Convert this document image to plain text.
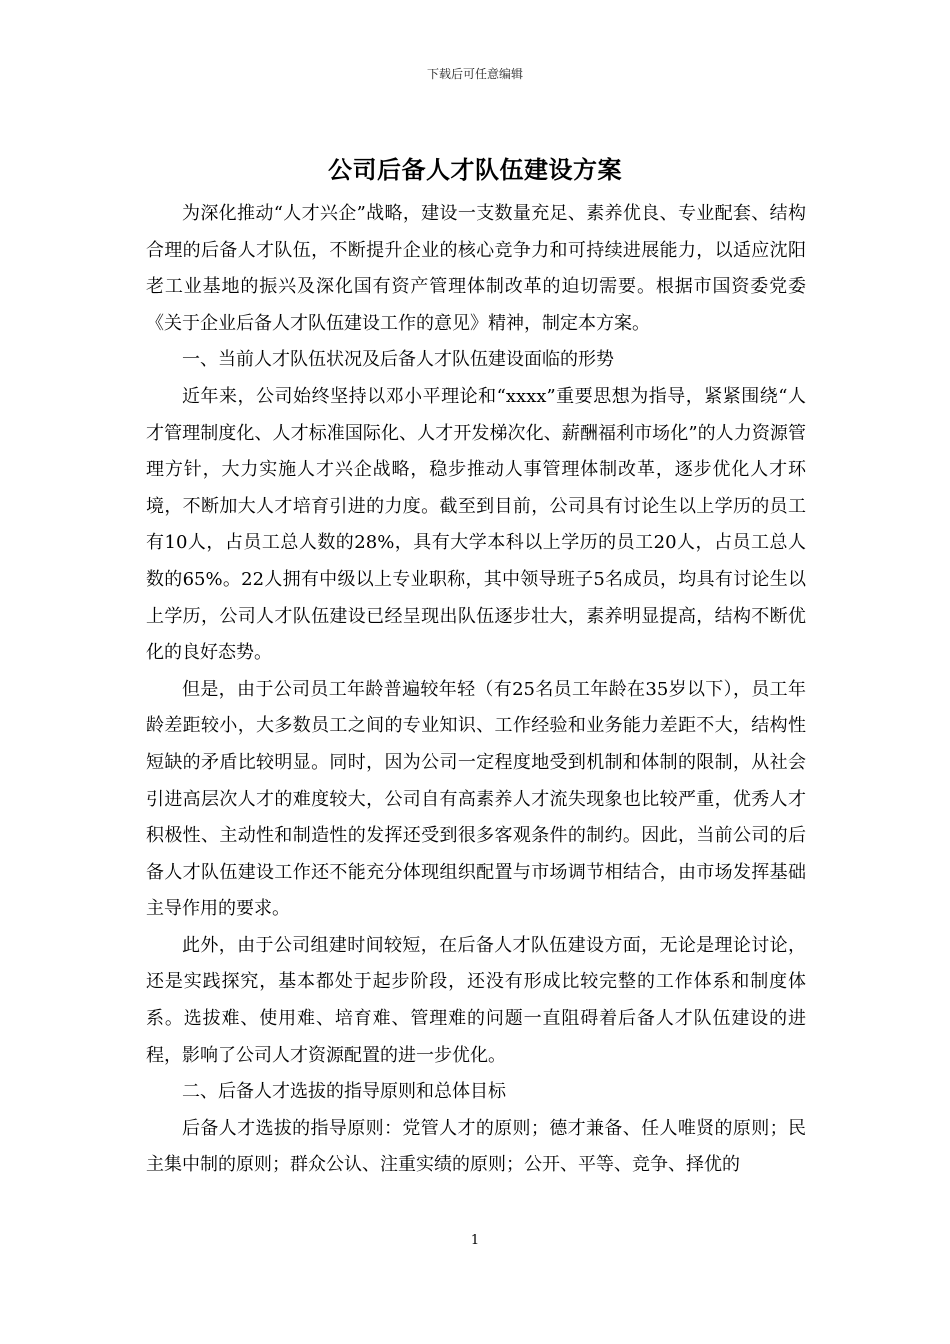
下载后可任意编辑
公司后备人才队伍建设方案

为深化推动“人才兴企”战略，建设一支数量充足、素养优良、专业配套、结构合理的后备人才队伍，不断提升企业的核心竞争力和可持续进展能力，以适应沈阳老工业基地的振兴及深化国有资产管理体制改革的迫切需要。根据市国资委党委《关于企业后备人才队伍建设工作的意见》精神，制定本方案。

一、当前人才队伍状况及后备人才队伍建设面临的形势

近年来，公司始终坚持以邓小平理论和“xxxx”重要思想为指导，紧紧围绕“人才管理制度化、人才标准国际化、人才开发梯次化、薪酬福利市场化”的人力资源管理方针，大力实施人才兴企战略，稳步推动人事管理体制改革，逐步优化人才环境，不断加大人才培育引进的力度。截至到目前，公司具有讨论生以上学历的员工有10人，占员工总人数的28%，具有大学本科以上学历的员工20人，占员工总人数的65%。22人拥有中级以上专业职称，其中领导班子5名成员，均具有讨论生以上学历，公司人才队伍建设已经呈现出队伍逐步壮大，素养明显提高，结构不断优化的良好态势。

但是，由于公司员工年龄普遍较年轻（有25名员工年龄在35岁以下），员工年龄差距较小，大多数员工之间的专业知识、工作经验和业务能力差距不大，结构性短缺的矛盾比较明显。同时，因为公司一定程度地受到机制和体制的限制，从社会引进高层次人才的难度较大，公司自有高素养人才流失现象也比较严重，优秀人才积极性、主动性和制造性的发挥还受到很多客观条件的制约。因此，当前公司的后备人才队伍建设工作还不能充分体现组织配置与市场调节相结合，由市场发挥基础主导作用的要求。

此外，由于公司组建时间较短，在后备人才队伍建设方面，无论是理论讨论，还是实践探究，基本都处于起步阶段，还没有形成比较完整的工作体系和制度体系。选拔难、使用难、培育难、管理难的问题一直阻碍着后备人才队伍建设的进程，影响了公司人才资源配置的进一步优化。

二、后备人才选拔的指导原则和总体目标

后备人才选拔的指导原则：党管人才的原则；德才兼备、任人唯贤的原则；民主集中制的原则；群众公认、注重实绩的原则；公开、平等、竞争、择优的

1
